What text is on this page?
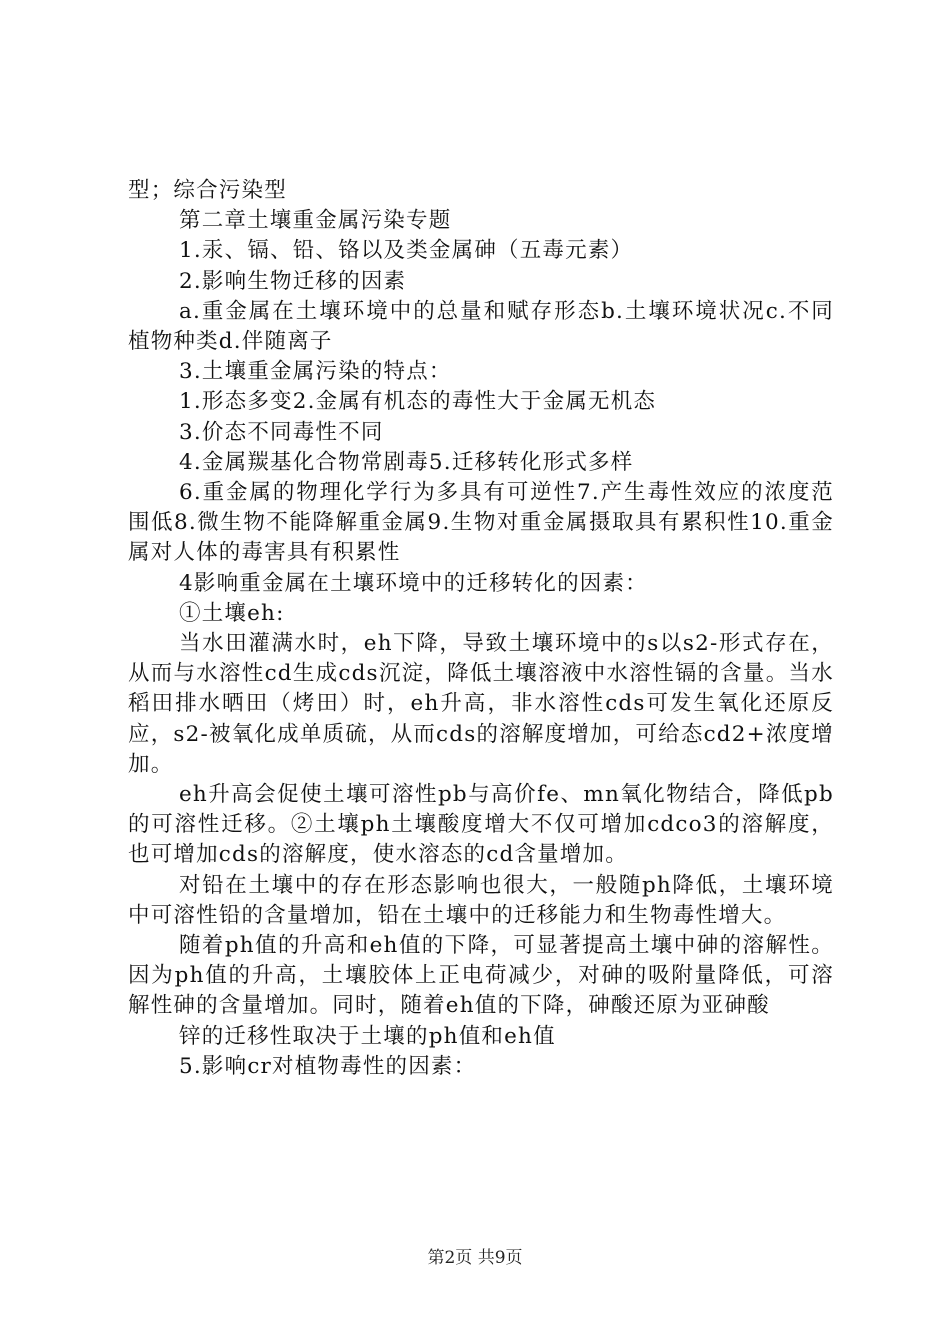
型；综合污染型

第二章土壤重金属污染专题

1.汞、镉、铅、铬以及类金属砷（五毒元素）

2.影响生物迁移的因素

a.重金属在土壤环境中的总量和赋存形态b.土壤环境状况c.不同植物种类d.伴随离子

3.土壤重金属污染的特点：

1.形态多变2.金属有机态的毒性大于金属无机态

3.价态不同毒性不同

4.金属羰基化合物常剧毒5.迁移转化形式多样

6.重金属的物理化学行为多具有可逆性7.产生毒性效应的浓度范围低8.微生物不能降解重金属9.生物对重金属摄取具有累积性10.重金属对人体的毒害具有积累性

4影响重金属在土壤环境中的迁移转化的因素：

①土壤eh:

当水田灌满水时，eh下降，导致土壤环境中的s以s2-形式存在，从而与水溶性cd生成cds沉淀，降低土壤溶液中水溶性镉的含量。当水稻田排水晒田（烤田）时，eh升高，非水溶性cds可发生氧化还原反应，s2-被氧化成单质硫，从而cds的溶解度增加，可给态cd2+浓度增加。

eh升高会促使土壤可溶性pb与高价fe、mn氧化物结合，降低pb的可溶性迁移。②土壤ph土壤酸度增大不仅可增加cdco3的溶解度，也可增加cds的溶解度，使水溶态的cd含量增加。

对铅在土壤中的存在形态影响也很大，一般随ph降低，土壤环境中可溶性铅的含量增加，铅在土壤中的迁移能力和生物毒性增大。

随着ph值的升高和eh值的下降，可显著提高土壤中砷的溶解性。因为ph值的升高，土壤胶体上正电荷减少，对砷的吸附量降低，可溶解性砷的含量增加。同时，随着eh值的下降，砷酸还原为亚砷酸

锌的迁移性取决于土壤的ph值和eh值

5.影响cr对植物毒性的因素：

第2页 共9页
